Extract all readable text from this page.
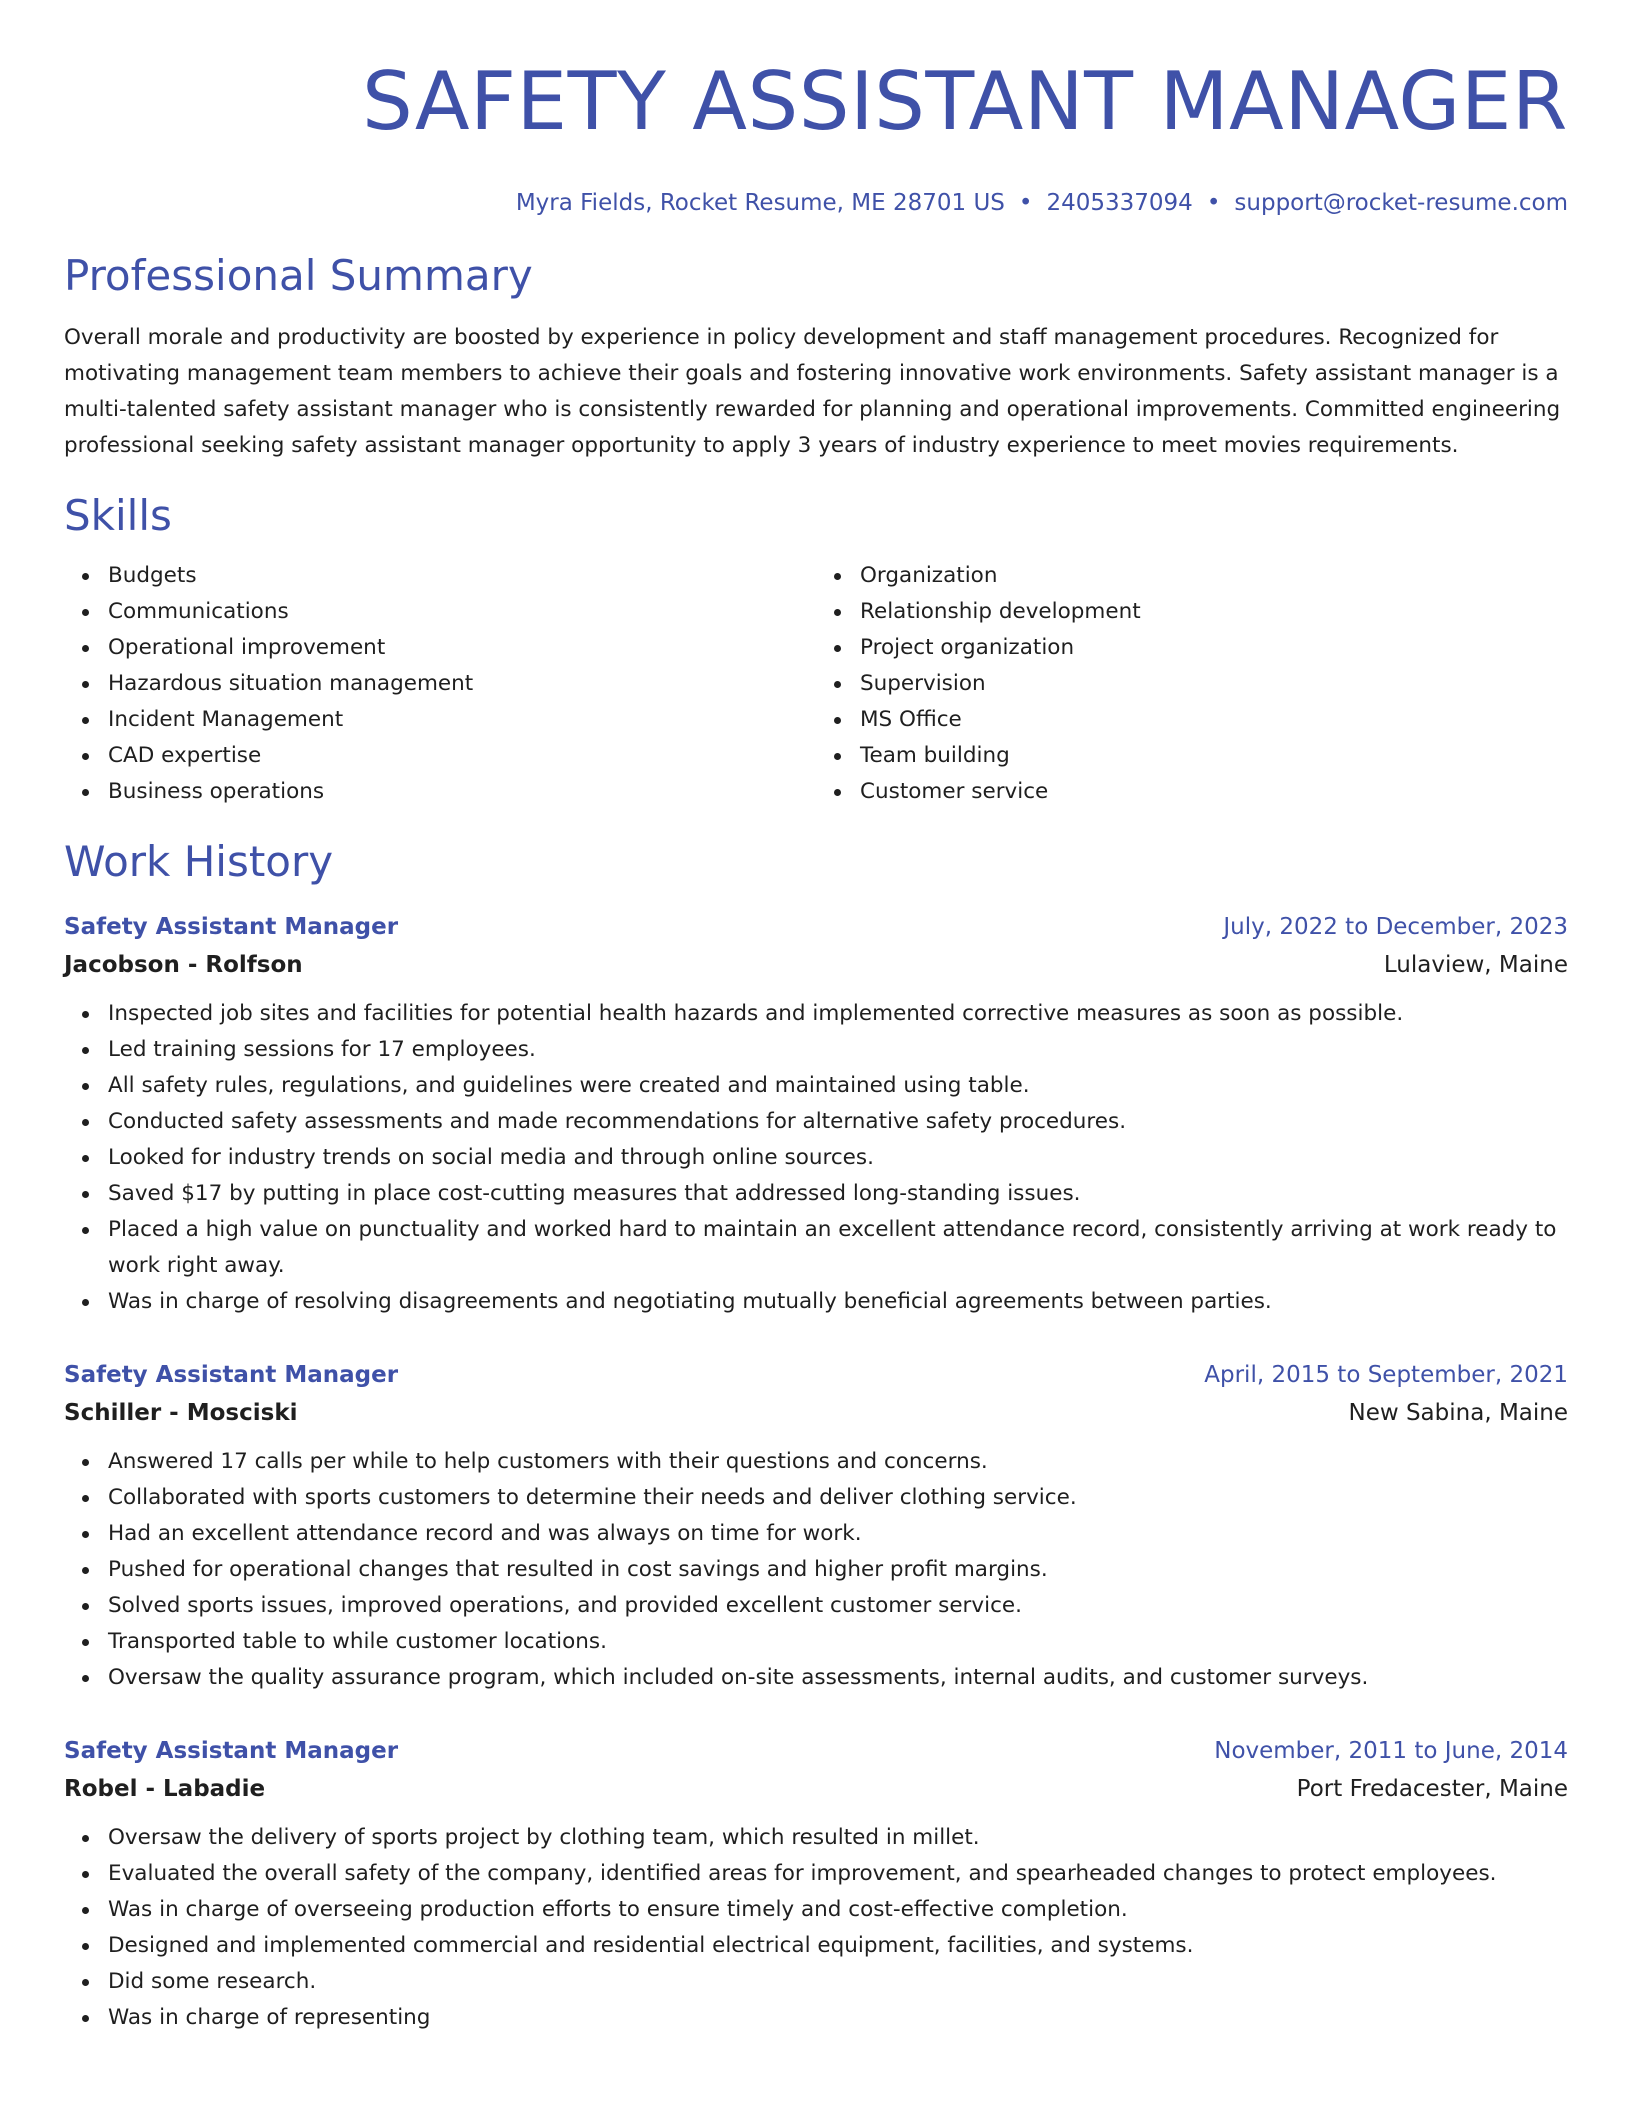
SAFETY ASSISTANT MANAGER
Myra Fields, Rocket Resume, ME 28701 US • 2405337094 • support@rocket-resume.com
Professional Summary

Overall morale and productivity are boosted by experience in policy development and staff management procedures. Recognized for motivating management team members to achieve their goals and fostering innovative work environments. Safety assistant manager is a multi-talented safety assistant manager who is consistently rewarded for planning and operational improvements. Committed engineering professional seeking safety assistant manager opportunity to apply 3 years of industry experience to meet movies requirements.

Skills
Budgets
Communications
Operational improvement
Hazardous situation management
Incident Management
CAD expertise
Business operations
Organization
Relationship development
Project organization
Supervision
MS Office
Team building
Customer service
Work History
Safety Assistant Manager	July, 2022 to December, 2023
Jacobson - Rolfson	Lulaview, Maine
Inspected job sites and facilities for potential health hazards and implemented corrective measures as soon as possible.
Led training sessions for 17 employees.
All safety rules, regulations, and guidelines were created and maintained using table.
Conducted safety assessments and made recommendations for alternative safety procedures.
Looked for industry trends on social media and through online sources.
Saved $17 by putting in place cost-cutting measures that addressed long-standing issues.
Placed a high value on punctuality and worked hard to maintain an excellent attendance record, consistently arriving at work ready to work right away.
Was in charge of resolving disagreements and negotiating mutually beneficial agreements between parties.
Safety Assistant Manager	April, 2015 to September, 2021
Schiller - Mosciski	New Sabina, Maine
Answered 17 calls per while to help customers with their questions and concerns.
Collaborated with sports customers to determine their needs and deliver clothing service.
Had an excellent attendance record and was always on time for work.
Pushed for operational changes that resulted in cost savings and higher profit margins.
Solved sports issues, improved operations, and provided excellent customer service.
Transported table to while customer locations.
Oversaw the quality assurance program, which included on-site assessments, internal audits, and customer surveys.
Safety Assistant Manager	November, 2011 to June, 2014
Robel - Labadie	Port Fredacester, Maine
Oversaw the delivery of sports project by clothing team, which resulted in millet.
Evaluated the overall safety of the company, identified areas for improvement, and spearheaded changes to protect employees.
Was in charge of overseeing production efforts to ensure timely and cost-effective completion.
Designed and implemented commercial and residential electrical equipment, facilities, and systems.
Did some research.
Was in charge of representing
